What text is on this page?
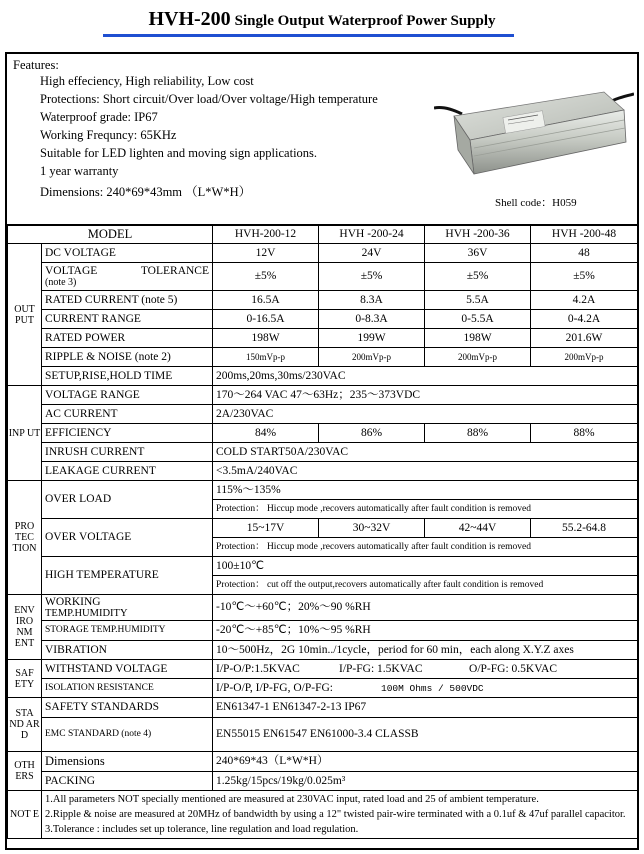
HVH-200 Single Output Waterproof Power Supply
Features:
High effeciency, High reliability, Low cost
Protections: Short circuit/Over load/Over voltage/High temperature
Waterproof grade: IP67
Working Frequncy: 65KHz
Suitable for LED lighten and moving sign applications.
1 year warranty
Dimensions: 240*69*43mm （L*W*H）
Shell code：H059
MODEL		HVH-200-12	HVH -200-24	HVH -200-36	HVH -200-48
OUT PUT	DC VOLTAGE	12V	24V	36V	48

	VOLTAGE TOLERANCE
(note 3)	±5%	±5%	±5%	±5%
	RATED CURRENT (note 5)	16.5A	8.3A	5.5A	4.2A
	CURRENT RANGE	0-16.5A	0-8.3A	0-5.5A	0-4.2A
	RATED POWER	198W	199W	198W	201.6W
	RIPPLE & NOISE (note 2)	150mVp-p	200mVp-p	200mVp-p	200mVp-p
	SETUP,RISE,HOLD TIME	200ms,20ms,30ms/230VAC			
INP UT	VOLTAGE RANGE	170～264 VAC 47～63Hz；235～373VDC			
	AC CURRENT	2A/230VAC			
	EFFICIENCY	84%	86%	88%	88%
	INRUSH CURRENT	COLD START50A/230VAC			
	LEAKAGE CURRENT	<3.5mA/240VAC			
PRO TEC TION	OVER LOAD	115%～135%			
		Protection： Hiccup mode ,recovers automatically after fault condition is removed			
	OVER VOLTAGE	15~17V	30~32V	42~44V	55.2-64.8
		Protection： Hiccup mode ,recovers automatically after fault condition is removed			
	HIGH TEMPERATURE	100±10℃			
		Protection： cut off the output,recovers automatically after fault condition is removed			
ENV IRO NM ENT	WORKING
TEMP.HUMIDITY	-10℃～+60℃；20%～90 %RH			
	STORAGE TEMP.HUMIDITY	-20℃～+85℃；10%～95 %RH			
	VIBRATION	10～500Hz，2G 10min../1cycle，period for 60 min，each along X.Y.Z axes			
SAF ETY	WITHSTAND VOLTAGE	I/P-O/P:1.5KVAC I/P-FG: 1.5KVAC O/P-FG: 0.5KVAC			
	ISOLATION RESISTANCE	I/P-O/P, I/P-FG, O/P-FG: 100M Ohms / 500VDC			
STA ND AR D	SAFETY STANDARDS	EN61347-1 EN61347-2-13 IP67			
	EMC STANDARD (note 4)	EN55015 EN61547 EN61000-3.4 CLASSB			
OTH ERS	Dimensions	240*69*43（L*W*H）			
	PACKING	1.25kg/15pcs/19kg/0.025m³			
NOT E	1.All parameters NOT specially mentioned are measured at 230VAC input, rated load and 25 of ambient temperature.
2.Ripple & noise are measured at 20MHz of bandwidth by using a 12" twisted pair-wire terminated with a 0.1uf & 47uf parallel capacitor.
3.Tolerance : includes set up tolerance, line regulation and load regulation.				
